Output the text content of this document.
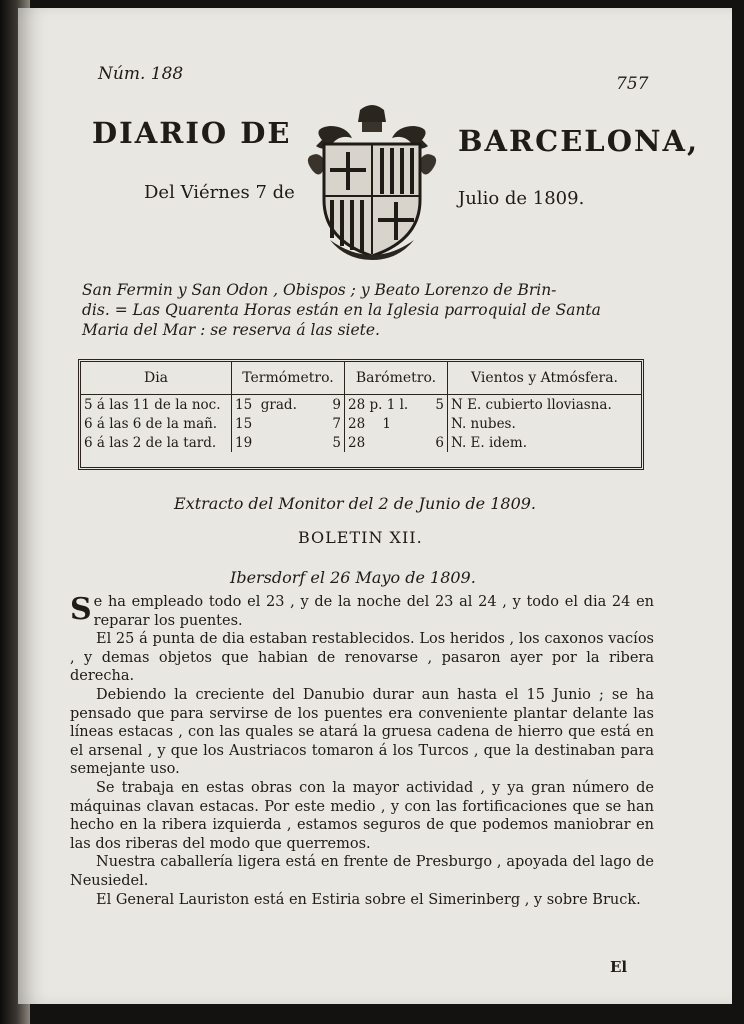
Núm. 188	757
DIARIO DE	BARCELONA,
Del Viérnes 7 de	Julio de 1809.
San Fermin y San Odon , Obispos ; y Beato Lorenzo de Brin-
dis. = Las Quarenta Horas están en la Iglesia parroquial de Santa
Maria del Mar : se reserva á las siete.
Dia	Termómetro.	Barómetro.	Vientos y Atmósfera.
5 á las 11 de la noc.	15 grad. 9	28 p. 1 l. 5	N E. cubierto lloviasna.
6 á las 6 de la mañ.	15 7	28    1	N. nubes.
6 á las 2 de la tard.	19 5	28 6	N. E. idem.
Extracto del Monitor del 2 de Junio de 1809.
BOLETIN XII.
Ibersdorf el 26 Mayo de 1809.

Se ha empleado todo el 23 , y de la noche del 23 al 24 , y todo el dia 24 en reparar los puentes.

El 25 á punta de dia estaban restablecidos. Los heridos , los caxonos vacíos , y demas objetos que habian de renovarse , pasaron ayer por la ribera derecha.

Debiendo la creciente del Danubio durar aun hasta el 15 Junio ; se ha pensado que para servirse de los puentes era conveniente plantar delante las líneas estacas , con las quales se atará la gruesa cadena de hierro que está en el arsenal , y que los Austriacos tomaron á los Turcos , que la destinaban para semejante uso.

Se trabaja en estas obras con la mayor actividad , y ya gran número de máquinas clavan estacas. Por este medio , y con las fortificaciones que se han hecho en la ribera izquierda , estamos seguros de que podemos maniobrar en las dos riberas del modo que querremos.

Nuestra caballería ligera está en frente de Presburgo , apoyada del lago de Neusiedel.

El General Lauriston está en Estiria sobre el Simerinberg , y sobre Bruck.

El
